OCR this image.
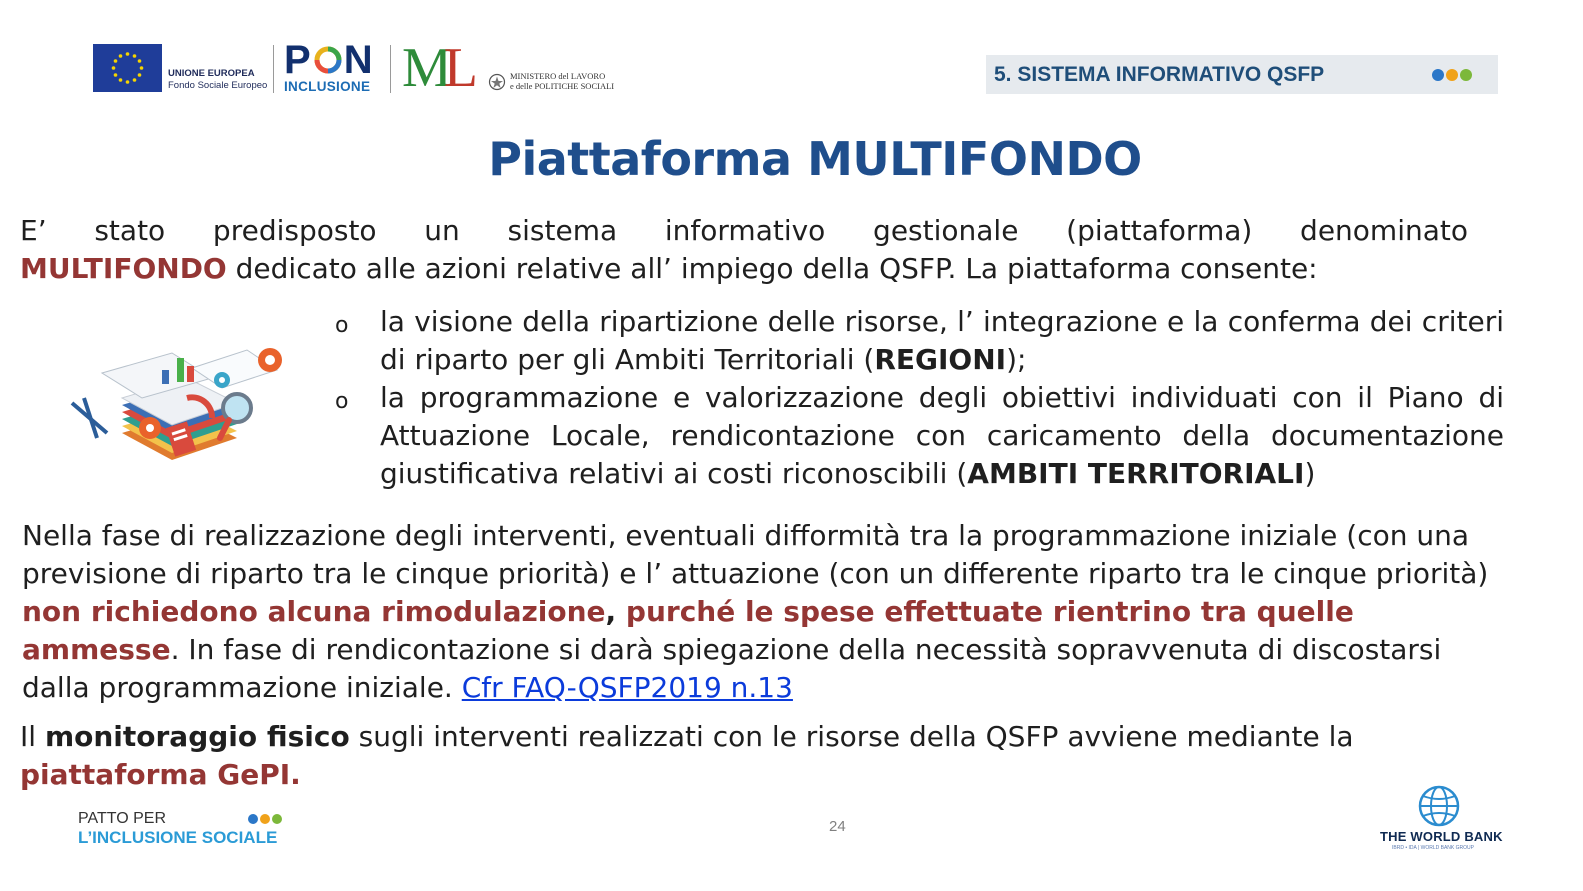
UNIONE EUROPEA
Fondo Sociale Europeo
P N
INCLUSIONE ML	MINISTERO del LAVORO
e delle POLITICHE SOCIALI	5. SISTEMA INFORMATIVO QSFP
Piattaforma MULTIFONDO
E’ stato predisposto un sistema informativo gestionale (piattaforma) denominato
MULTIFONDO dedicato alle azioni relative all’ impiego della QSFP. La piattaforma consente:
o la visione della ripartizione delle risorse, l’ integrazione e la conferma dei criteri di riparto per gli Ambiti Territoriali (REGIONI);
o la programmazione e valorizzazione degli obiettivi individuati con il Piano di Attuazione Locale, rendicontazione con caricamento della documentazione giustificativa relativi ai costi riconoscibili (AMBITI TERRITORIALI)
Nella fase di realizzazione degli interventi, eventuali difformità tra la programmazione iniziale (con una previsione di riparto tra le cinque priorità) e l’ attuazione (con un differente riparto tra le cinque priorità) non richiedono alcuna rimodulazione, purché le spese effettuate rientrino tra quelle ammesse. In fase di rendicontazione si darà spiegazione della necessità sopravvenuta di discostarsi dalla programmazione iniziale. Cfr FAQ-QSFP2019 n.13
Il monitoraggio fisico sugli interventi realizzati con le risorse della QSFP avviene mediante la piattaforma GePI.
PATTO PER
L’INCLUSIONE SOCIALE
24
THE WORLD BANK
IBRD • IDA | WORLD BANK GROUP
